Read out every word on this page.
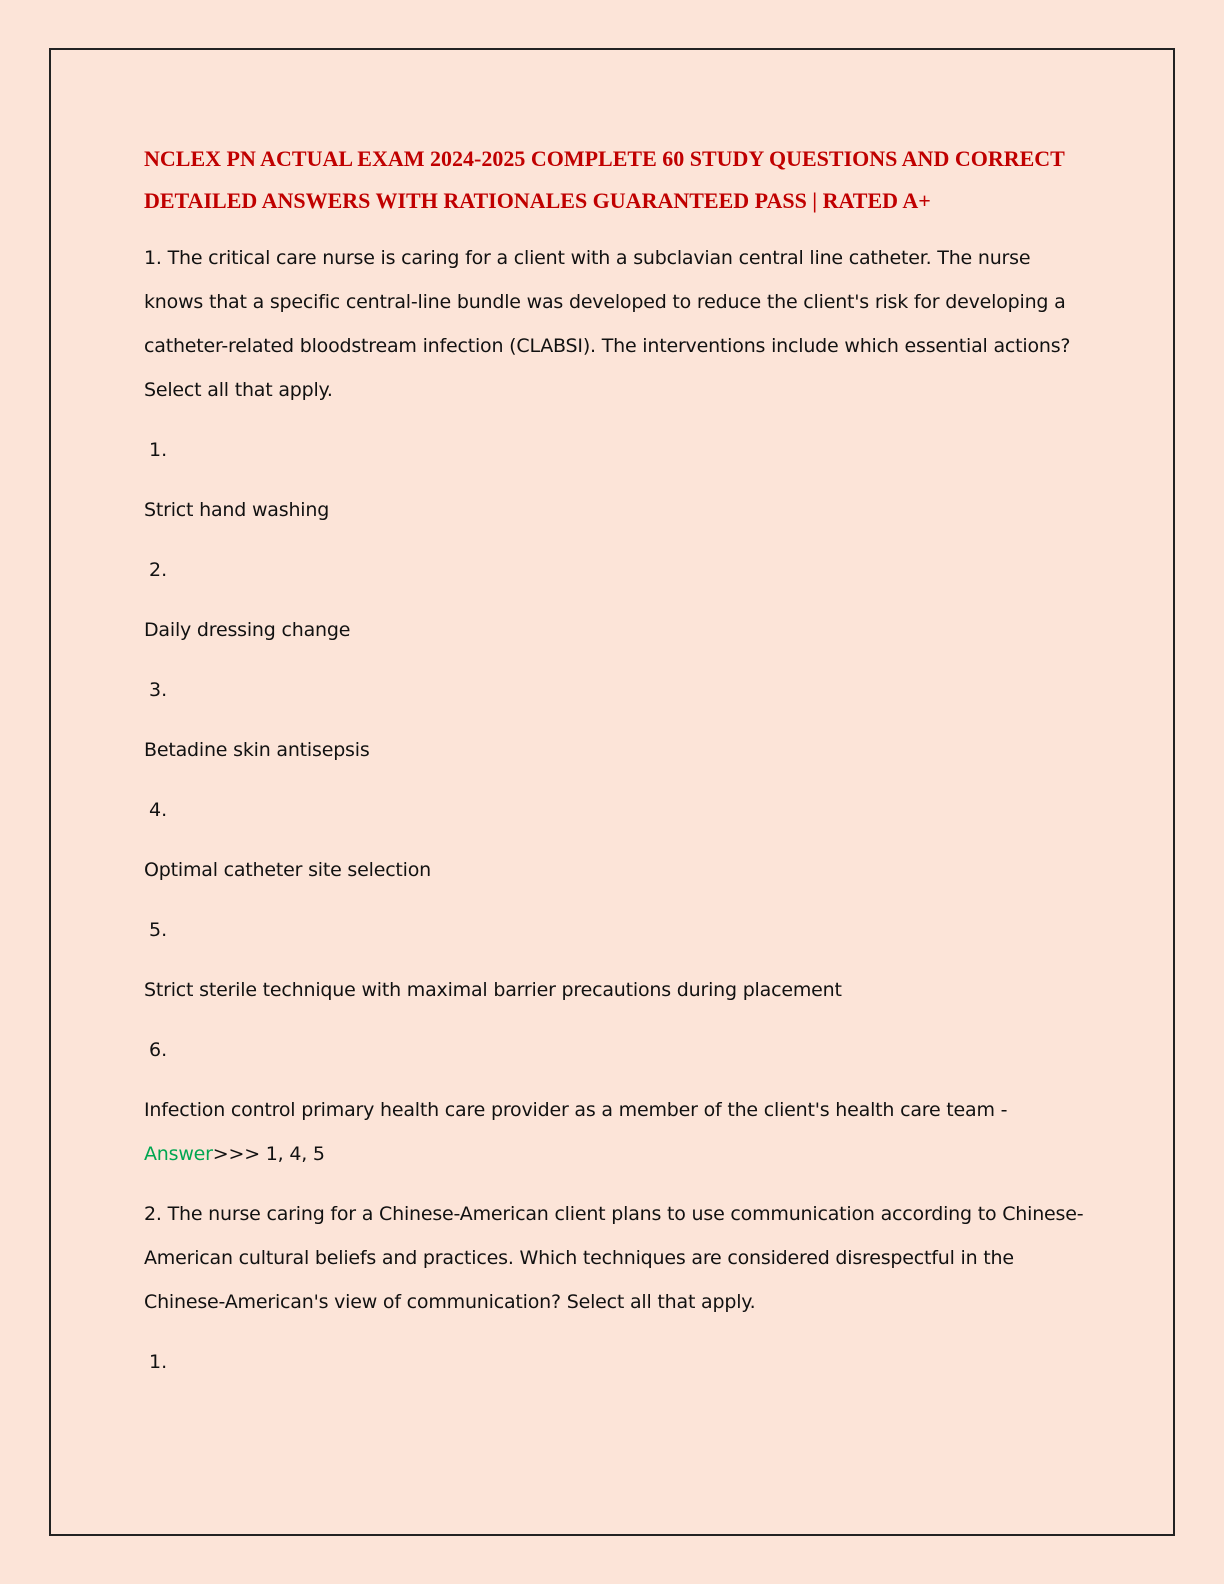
NCLEX PN ACTUAL EXAM 2024-2025 COMPLETE 60 STUDY QUESTIONS AND CORRECT DETAILED ANSWERS WITH RATIONALES GUARANTEED PASS | RATED A+

1. The critical care nurse is caring for a client with a subclavian central line catheter. The nurse knows that a specific central-line bundle was developed to reduce the client's risk for developing a catheter-related bloodstream infection (CLABSI). The interventions include which essential actions? Select all that apply.

1.

Strict hand washing

2.

Daily dressing change

3.

Betadine skin antisepsis

4.

Optimal catheter site selection

5.

Strict sterile technique with maximal barrier precautions during placement

6.

Infection control primary health care provider as a member of the client's health care team -
Answer>>> 1, 4, 5

2. The nurse caring for a Chinese-American client plans to use communication according to Chinese-American cultural beliefs and practices. Which techniques are considered disrespectful in the Chinese-American's view of communication? Select all that apply.

1.
